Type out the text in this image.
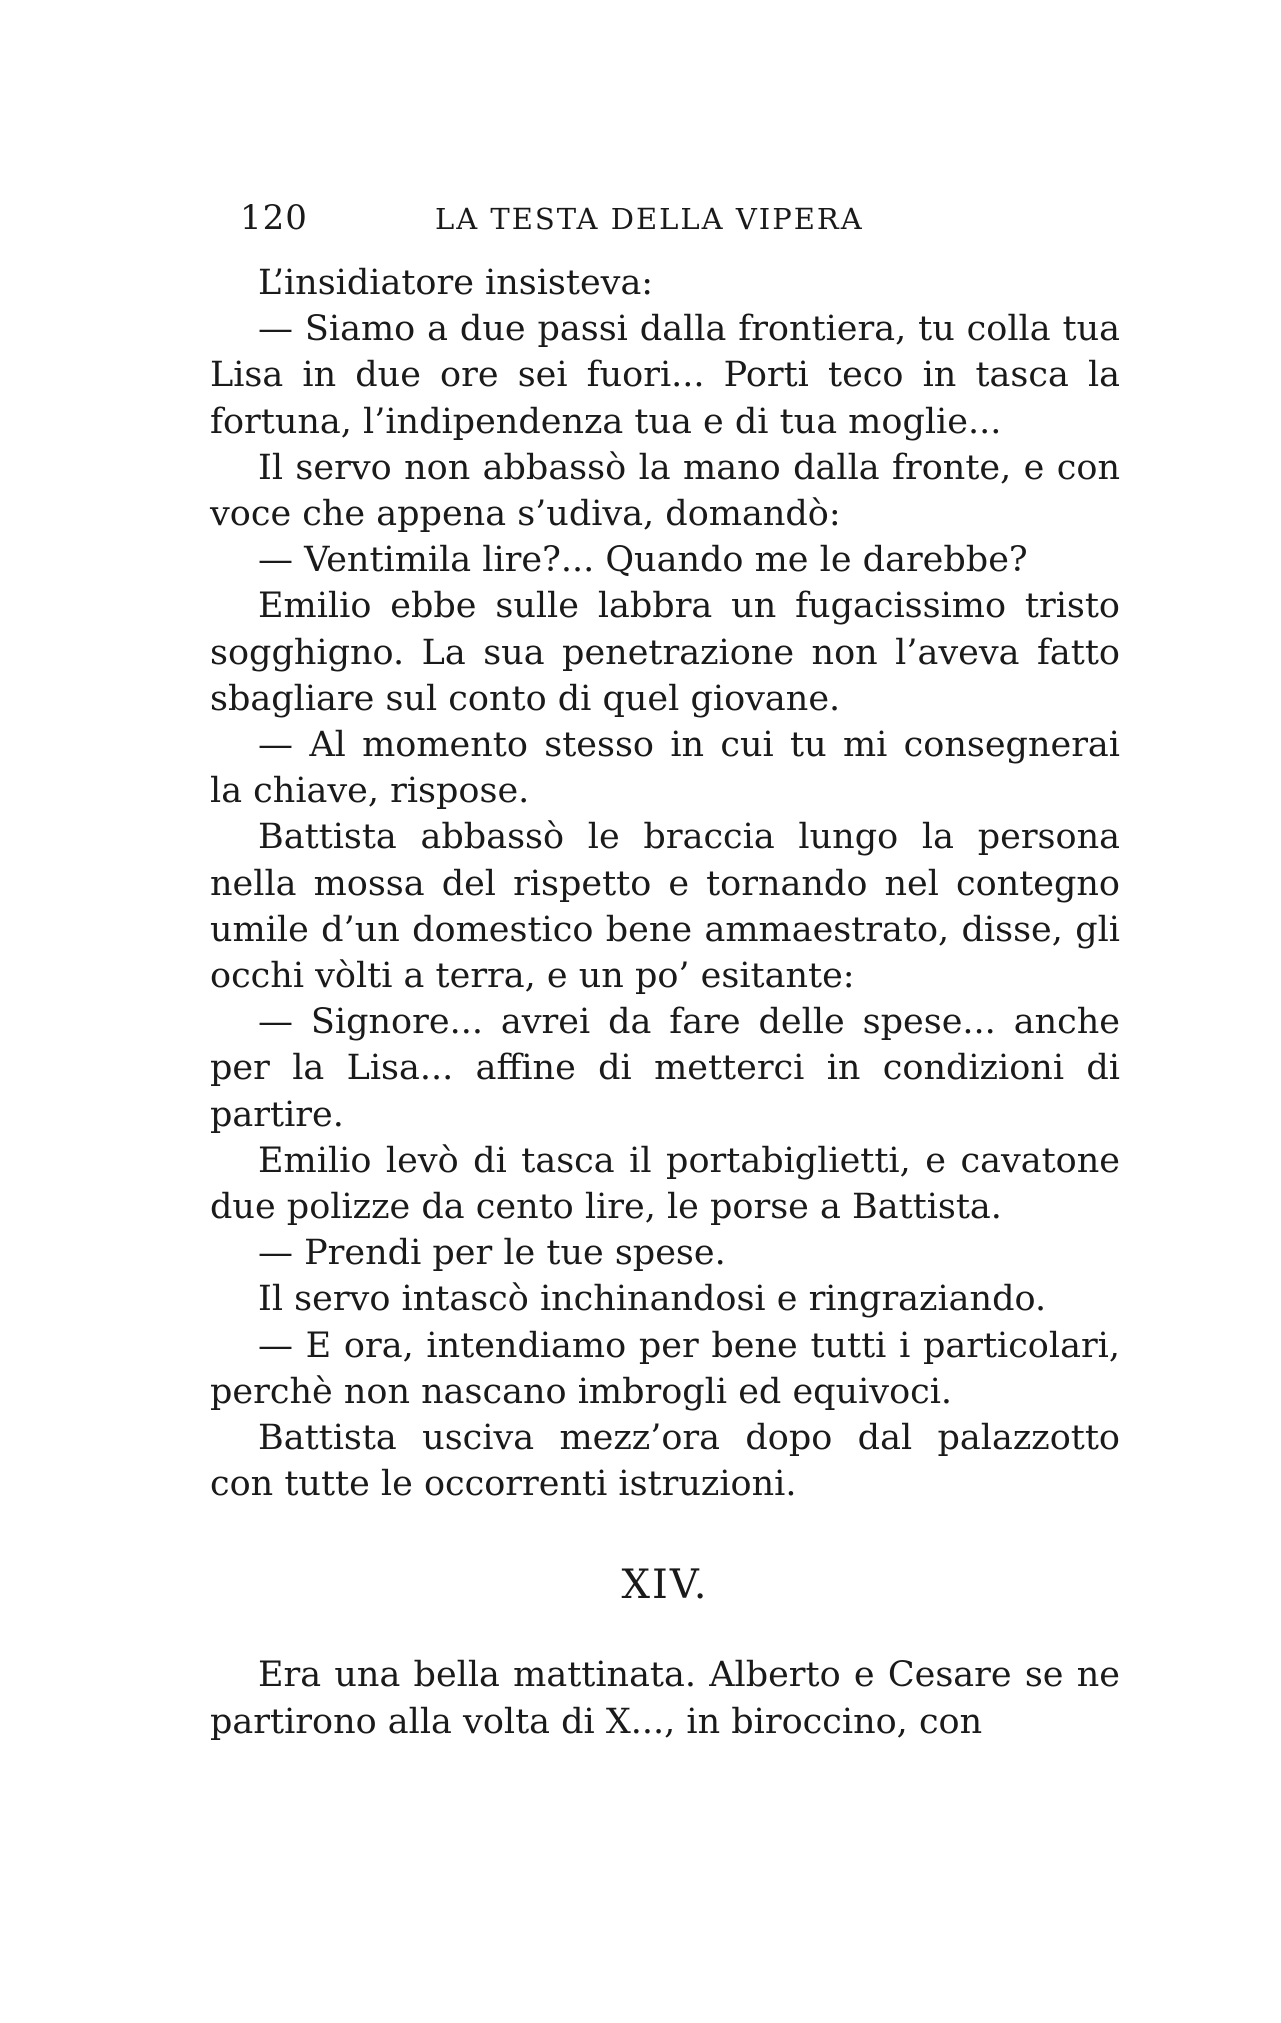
120	LA TESTA DELLA VIPERA

L’insidiatore insisteva:

— Siamo a due passi dalla frontiera, tu colla tua Lisa in due ore sei fuori... Porti teco in tasca la fortuna, l’indipendenza tua e di tua moglie...

Il servo non abbassò la mano dalla fronte, e con voce che appena s’udiva, domandò:

— Ventimila lire?... Quando me le darebbe?

Emilio ebbe sulle labbra un fugacissimo tristo sogghigno. La sua penetrazione non l’aveva fatto sbagliare sul conto di quel giovane.

— Al momento stesso in cui tu mi consegnerai la chiave, rispose.

Battista abbassò le braccia lungo la persona nella mossa del rispetto e tornando nel contegno umile d’un domestico bene ammaestrato, disse, gli occhi vòlti a terra, e un po’ esitante:

— Signore... avrei da fare delle spese... anche per la Lisa... affine di metterci in condizioni di partire.

Emilio levò di tasca il portabiglietti, e cavatone due polizze da cento lire, le porse a Battista.

— Prendi per le tue spese.

Il servo intascò inchinandosi e ringraziando.

— E ora, intendiamo per bene tutti i particolari, perchè non nascano imbrogli ed equivoci.

Battista usciva mezz’ora dopo dal palazzotto con tutte le occorrenti istruzioni.

XIV.

Era una bella mattinata. Alberto e Cesare se ne partirono alla volta di X..., in biroccino, con
